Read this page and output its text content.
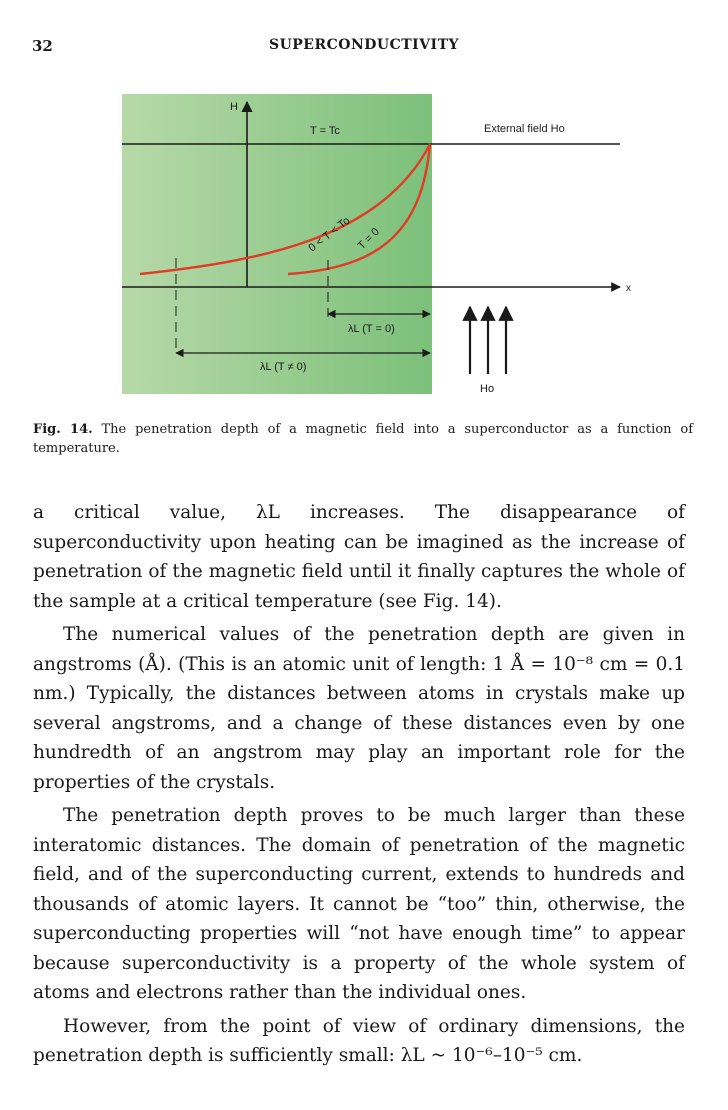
32	SUPERCONDUCTIVITY
H
T = Tc	External field Ho
x
0 < T < To T = 0
λL (T = 0)
λL (T ≠ 0)
Ho
Fig. 14. The penetration depth of a magnetic field into a superconductor as a function of temperature.

a critical value, λL increases. The disappearance of superconductivity upon heating can be imagined as the increase of penetration of the magnetic field until it finally captures the whole of the sample at a critical temperature (see Fig. 14).

The numerical values of the penetration depth are given in angstroms (Å). (This is an atomic unit of length: 1 Å = 10⁻⁸ cm = 0.1 nm.) Typically, the distances between atoms in crystals make up several angstroms, and a change of these distances even by one hundredth of an angstrom may play an important role for the properties of the crystals.

The penetration depth proves to be much larger than these interatomic distances. The domain of penetration of the magnetic field, and of the superconducting current, extends to hundreds and thousands of atomic layers. It cannot be “too” thin, otherwise, the superconducting properties will “not have enough time” to appear because superconductivity is a property of the whole system of atoms and electrons rather than the individual ones.

However, from the point of view of ordinary dimensions, the penetration depth is sufficiently small: λL ~ 10⁻⁶–10⁻⁵ cm.
